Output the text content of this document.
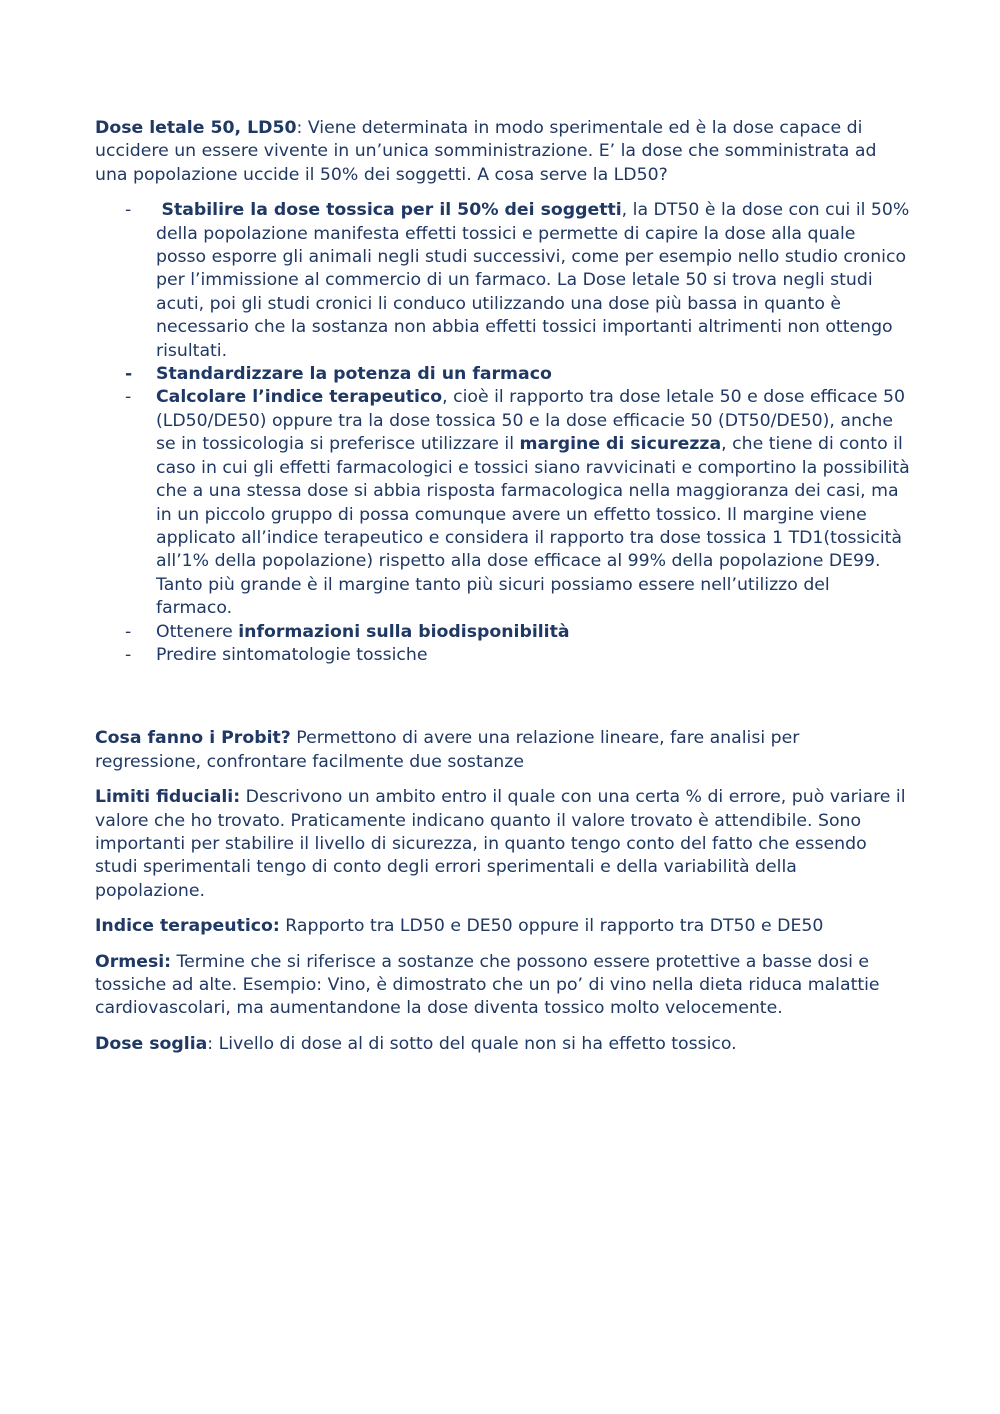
Dose letale 50, LD50: Viene determinata in modo sperimentale ed è la dose capace di uccidere un essere vivente in un’unica somministrazione. E’ la dose che somministrata ad una popolazione uccide il 50% dei soggetti. A cosa serve la LD50?

- Stabilire la dose tossica per il 50% dei soggetti, la DT50 è la dose con cui il 50% della popolazione manifesta effetti tossici e permette di capire la dose alla quale posso esporre gli animali negli studi successivi, come per esempio nello studio cronico per l’immissione al commercio di un farmaco. La Dose letale 50 si trova negli studi acuti, poi gli studi cronici li conduco utilizzando una dose più bassa in quanto è necessario che la sostanza non abbia effetti tossici importanti altrimenti non ottengo risultati.
- Standardizzare la potenza di un farmaco
- Calcolare l’indice terapeutico, cioè il rapporto tra dose letale 50 e dose efficace 50 (LD50/DE50) oppure tra la dose tossica 50 e la dose efficacie 50 (DT50/DE50), anche se in tossicologia si preferisce utilizzare il margine di sicurezza, che tiene di conto il caso in cui gli effetti farmacologici e tossici siano ravvicinati e comportino la possibilità che a una stessa dose si abbia risposta farmacologica nella maggioranza dei casi, ma in un piccolo gruppo di possa comunque avere un effetto tossico. Il margine viene applicato all’indice terapeutico e considera il rapporto tra dose tossica 1 TD1(tossicità all’1% della popolazione) rispetto alla dose efficace al 99% della popolazione DE99. Tanto più grande è il margine tanto più sicuri possiamo essere nell’utilizzo del farmaco.
- Ottenere informazioni sulla biodisponibilità
- Predire sintomatologie tossiche

Cosa fanno i Probit? Permettono di avere una relazione lineare, fare analisi per regressione, confrontare facilmente due sostanze

Limiti fiduciali: Descrivono un ambito entro il quale con una certa % di errore, può variare il valore che ho trovato. Praticamente indicano quanto il valore trovato è attendibile. Sono importanti per stabilire il livello di sicurezza, in quanto tengo conto del fatto che essendo studi sperimentali tengo di conto degli errori sperimentali e della variabilità della popolazione.

Indice terapeutico: Rapporto tra LD50 e DE50 oppure il rapporto tra DT50 e DE50

Ormesi: Termine che si riferisce a sostanze che possono essere protettive a basse dosi e tossiche ad alte. Esempio: Vino, è dimostrato che un po’ di vino nella dieta riduca malattie cardiovascolari, ma aumentandone la dose diventa tossico molto velocemente.

Dose soglia: Livello di dose al di sotto del quale non si ha effetto tossico.
